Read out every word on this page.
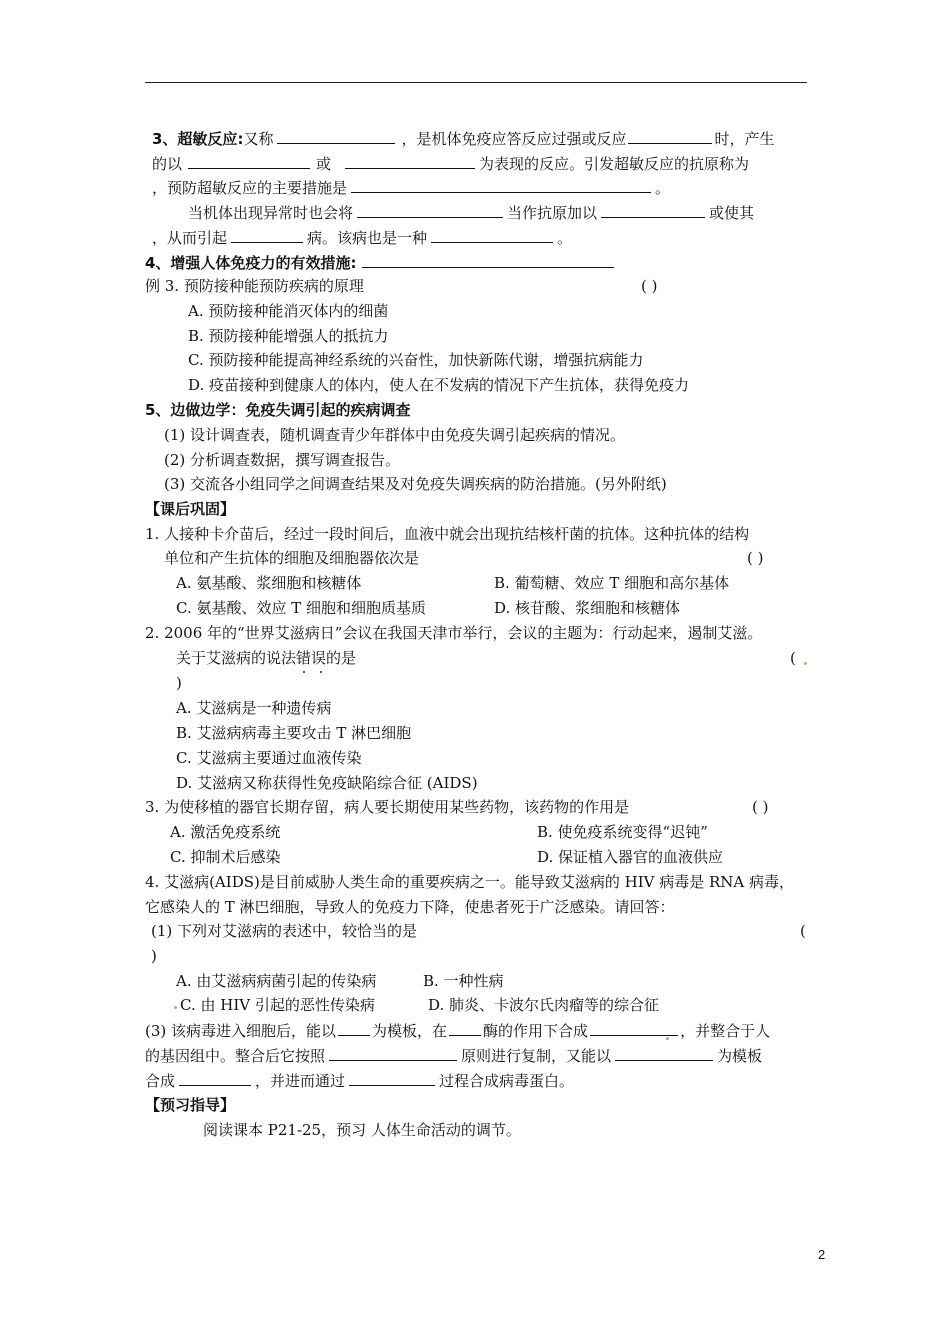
3、超敏反应:又称	，是机体免疫应答反应过强或反应	时，产生
的以	或	为表现的反应。引发超敏反应的抗原称为
，预防超敏反应的主要措施是	。
当机体出现异常时也会将	当作抗原加以	或使其
，从而引起	病。该病也是一种	。
4、增强人体免疫力的有效措施:
例 3. 预防接种能预防疾病的原理	( )
A. 预防接种能消灭体内的细菌
B. 预防接种能增强人的抵抗力
C. 预防接种能提高神经系统的兴奋性，加快新陈代谢，增强抗病能力
D. 疫苗接种到健康人的体内，使人在不发病的情况下产生抗体，获得免疫力
5、边做边学：免疫失调引起的疾病调查
(1) 设计调查表，随机调查青少年群体中由免疫失调引起疾病的情况。
(2) 分析调查数据，撰写调查报告。
(3) 交流各小组同学之间调查结果及对免疫失调疾病的防治措施。(另外附纸)
【课后巩固】
1. 人接种卡介苗后，经过一段时间后，血液中就会出现抗结核杆菌的抗体。这种抗体的结构
单位和产生抗体的细胞及细胞器依次是	( )
A. 氨基酸、浆细胞和核糖体	B. 葡萄糖、效应 T 细胞和高尔基体
C. 氨基酸、效应 T 细胞和细胞质基质	D. 核苷酸、浆细胞和核糖体
2. 2006 年的“世界艾滋病日”会议在我国天津市举行，会议的主题为：行动起来，遏制艾滋。
关于艾滋病的说法错误的是	(
)
A. 艾滋病是一种遗传病
B. 艾滋病病毒主要攻击 T 淋巴细胞
C. 艾滋病主要通过血液传染
D. 艾滋病又称获得性免疫缺陷综合征 (AIDS)
3. 为使移植的器官长期存留，病人要长期使用某些药物，该药物的作用是	( )
A. 激活免疫系统	B. 使免疫系统变得“迟钝”
C. 抑制术后感染	D. 保证植入器官的血液供应
4. 艾滋病(AIDS)是目前威胁人类生命的重要疾病之一。能导致艾滋病的 HIV 病毒是 RNA 病毒，
它感染人的 T 淋巴细胞，导致人的免疫力下降，使患者死于广泛感染。请回答：
(1) 下列对艾滋病的表述中，较恰当的是	(
)
A. 由艾滋病病菌引起的传染病	B. 一种性病
C. 由 HIV 引起的恶性传染病	D. 肺炎、卡波尔氏肉瘤等的综合征
(3) 该病毒进入细胞后，能以 为模板，在 酶的作用下合成	，并整合于人
的基因组中。整合后它按照	原则进行复制，又能以	为模板
合成	，并进而通过	过程合成病毒蛋白。
【预习指导】
阅读课本 P21-25，预习 人体生命活动的调节。
2
